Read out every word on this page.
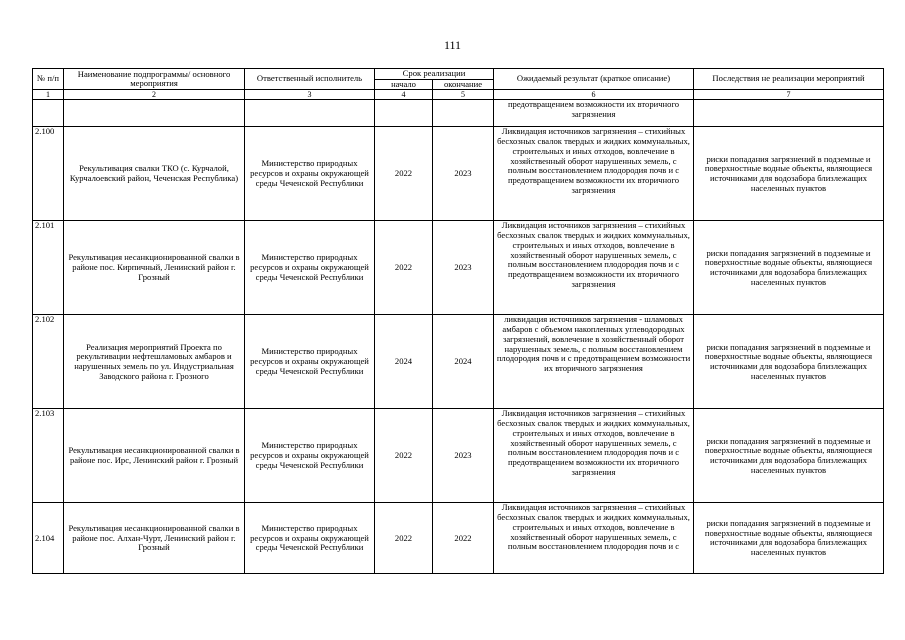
111
№ п/п	Наименование подпрограммы/ основного мероприятия	Ответственный исполнитель	Срок реализации		Ожидаемый результат (краткое описание)	Последствия не реализации мероприятий
			начало	окончание		
1	2	3	4	5	6	7
					предотвращением возможности их вторичного загрязнения	
2.100	Рекультивация свалки ТКО (с. Курчалой, Курчалоевский район, Чеченская Республика)	Министерство природных ресурсов и охраны окружающей среды Чеченской Республики	2022	2023	Ликвидация источников загрязнения – стихийных бесхозных свалок твердых и жидких коммунальных, строительных и иных отходов, вовлечение в хозяйственный оборот нарушенных земель, с полным восстановлением плодородия почв и с предотвращением возможности их вторичного загрязнения	риски попадания загрязнений в подземные и поверхностные водные объекты, являющиеся источниками для водозабора близлежащих населенных пунктов
2.101	Рекультивация несанкционированной свалки в районе пос. Кирпичный, Ленинский район г. Грозный	Министерство природных ресурсов и охраны окружающей среды Чеченской Республики	2022	2023	Ликвидация источников загрязнения – стихийных бесхозных свалок твердых и жидких коммунальных, строительных и иных отходов, вовлечение в хозяйственный оборот нарушенных земель, с полным восстановлением плодородия почв и с предотвращением возможности их вторичного загрязнения	риски попадания загрязнений в подземные и поверхностные водные объекты, являющиеся источниками для водозабора близлежащих населенных пунктов
2.102	Реализация мероприятий Проекта по рекультивации нефтешламовых амбаров и нарушенных земель по ул. Индустриальная Заводского района г. Грозного	Министерство природных ресурсов и охраны окружающей среды Чеченской Республики	2024	2024	ликвидация источников загрязнения - шламовых амбаров с объемом накопленных углеводородных загрязнений, вовлечение в хозяйственный оборот нарушенных земель, с полным восстановлением плодородия почв и с предотвращением возможности их вторичного загрязнения	риски попадания загрязнений в подземные и поверхностные водные объекты, являющиеся источниками для водозабора близлежащих населенных пунктов
2.103	Рекультивация несанкционированной свалки в районе пос. Ирс, Ленинский район г. Грозный	Министерство природных ресурсов и охраны окружающей среды Чеченской Республики	2022	2023	Ликвидация источников загрязнения – стихийных бесхозных свалок твердых и жидких коммунальных, строительных и иных отходов, вовлечение в хозяйственный оборот нарушенных земель, с полным восстановлением плодородия почв и с предотвращением возможности их вторичного загрязнения	риски попадания загрязнений в подземные и поверхностные водные объекты, являющиеся источниками для водозабора близлежащих населенных пунктов
2.104	Рекультивация несанкционированной свалки в районе пос. Алхан-Чурт, Ленинский район г. Грозный	Министерство природных ресурсов и охраны окружающей среды Чеченской Республики	2022	2022	Ликвидация источников загрязнения – стихийных бесхозных свалок твердых и жидких коммунальных, строительных и иных отходов, вовлечение в хозяйственный оборот нарушенных земель, с полным восстановлением плодородия почв и с	риски попадания загрязнений в подземные и поверхностные водные объекты, являющиеся источниками для водозабора близлежащих населенных пунктов
